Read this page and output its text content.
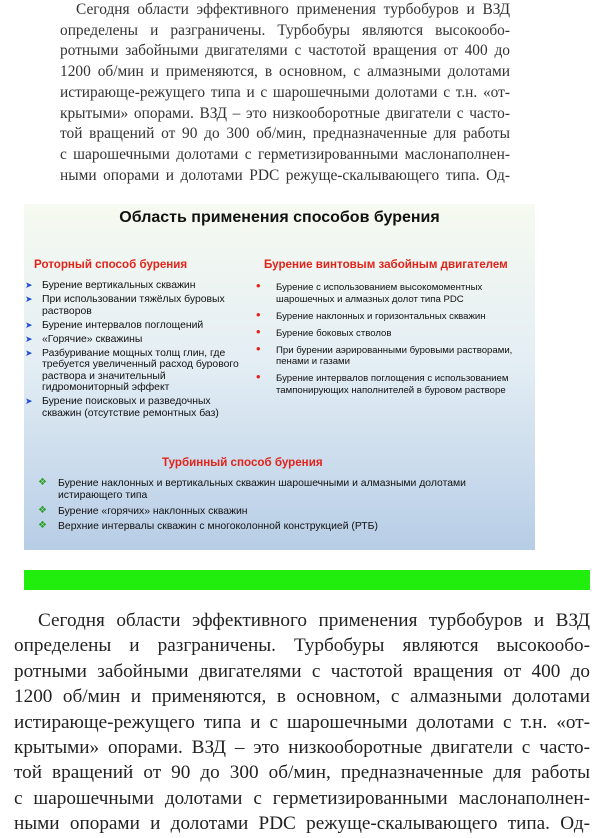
Сегодня области эффективного применения турбобуров и ВЗД
определены и разграничены. Турбобуры являются высокообо-
ротными забойными двигателями с частотой вращения от 400 до
1200 об/мин и применяются, в основном, с алмазными долотами
истирающе-режущего типа и с шарошечными долотами с т.н. «от-
крытыми» опорами. ВЗД – это низкооборотные двигатели с часто-
той вращений от 90 до 300 об/мин, предназначенные для работы
с шарошечными долотами с герметизированными маслонаполнен-
ными опорами и долотами PDC режуще-скалывающего типа. Од-

Область применения способов бурения
Роторный способ бурения
➤ Бурение вертикальных скважин
➤ При использовании тяжёлых буровых растворов
➤ Бурение интервалов поглощений
➤ «Горячие» скважины
➤ Разбуривание мощных толщ глин, где требуется увеличенный расход бурового раствора и значительный гидромониторный эффект
➤ Бурение поисковых и разведочных скважин (отсутствие ремонтных баз)
Бурение винтовым забойным двигателем
• Бурение с использованием высокомоментных шарошечных и алмазных долот типа PDC
• Бурение наклонных и горизонтальных скважин
• Бурение боковых стволов
• При бурении аэрированными буровыми растворами, пенами и газами
• Бурение интервалов поглощения с использованием тампонирующих наполнителей в буровом растворе
Турбинный способ бурения
❖ Бурение наклонных и вертикальных скважин шарошечными и алмазными долотами истирающего типа
❖ Бурение «горячих» наклонных скважин
❖ Верхние интервалы скважин с многоколонной конструкцией (РТБ)

Сегодня области эффективного применения турбобуров и ВЗД
определены и разграничены. Турбобуры являются высокообо-
ротными забойными двигателями с частотой вращения от 400 до
1200 об/мин и применяются, в основном, с алмазными долотами
истирающе-режущего типа и с шарошечными долотами с т.н. «от-
крытыми» опорами. ВЗД – это низкооборотные двигатели с часто-
той вращений от 90 до 300 об/мин, предназначенные для работы
с шарошечными долотами с герметизированными маслонаполнен-
ными опорами и долотами PDC режуще-скалывающего типа. Од-
